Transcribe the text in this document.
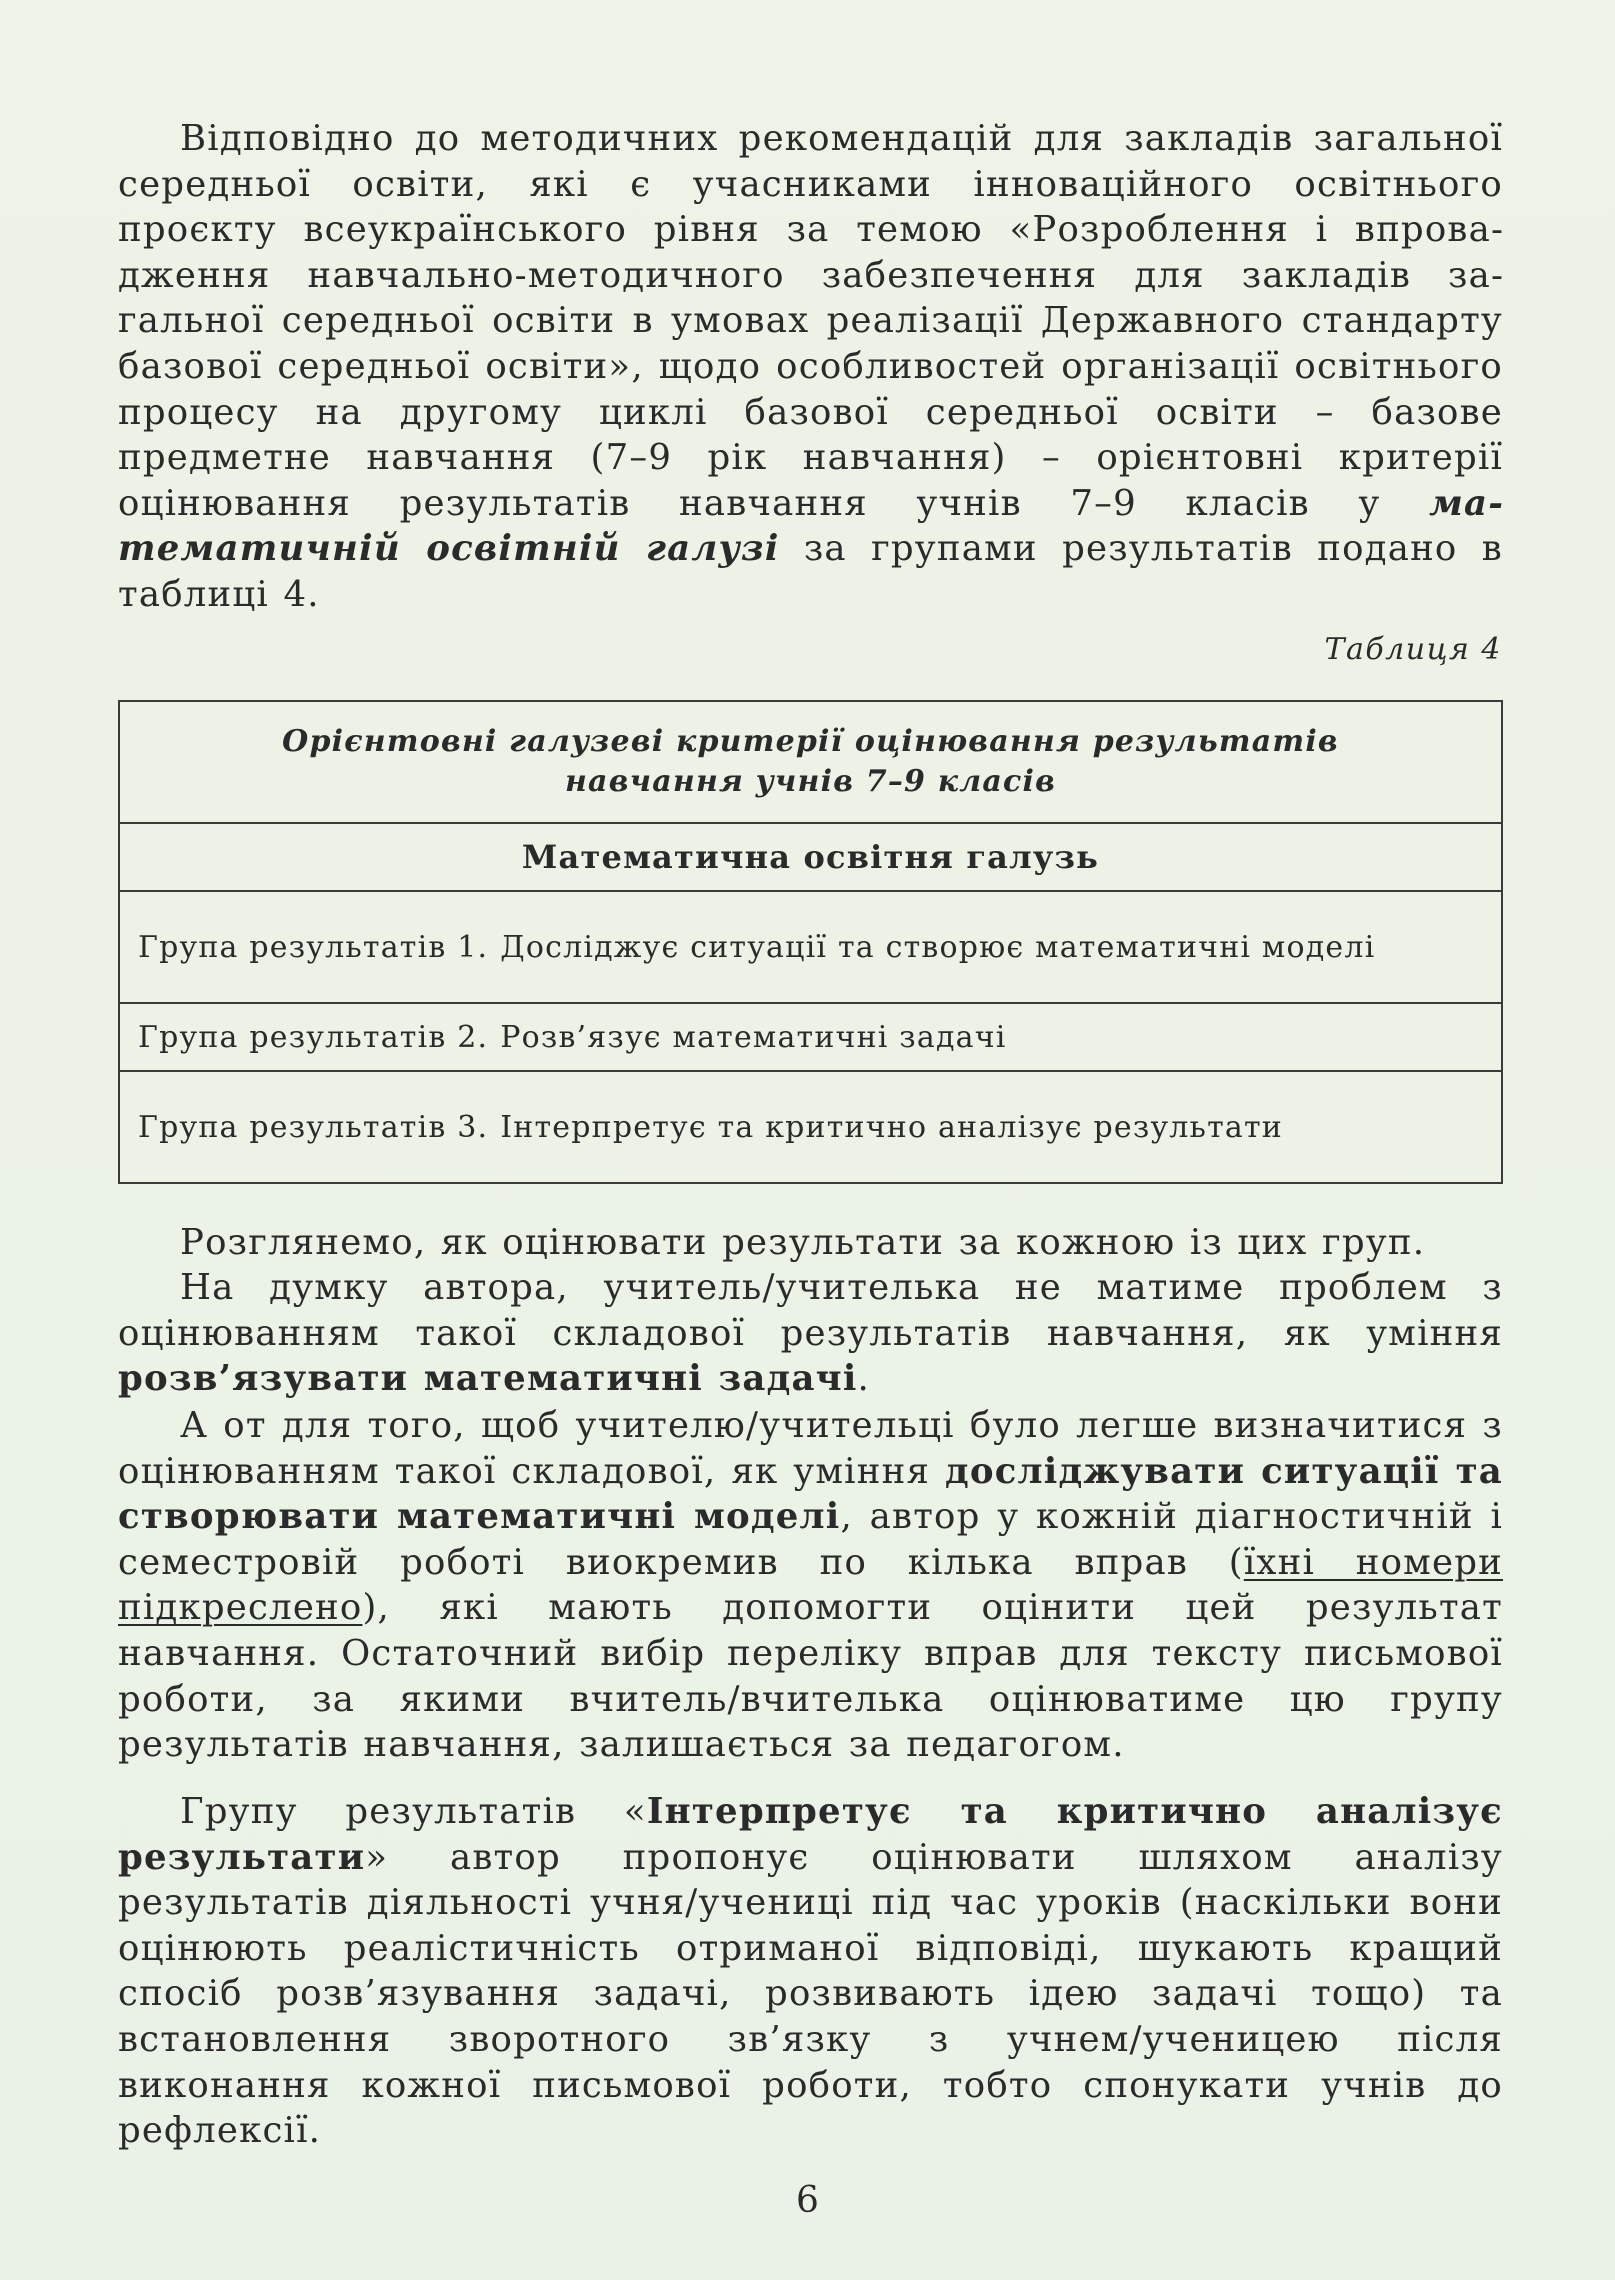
Відповідно до методичних рекомендацій для закладів загальної середньої освіти, які є учасниками інноваційного освітнього проєкту всеукраїнського рівня за темою «Розроблення і впровадження навчально-методичного забезпечення для закладів загальної середньої освіти в умовах реалізації Державного стандарту базової середньої освіти», щодо особливостей організації освітнього процесу на другому циклі базової середньої освіти – базове предметне навчання (7–9 рік навчання) – орієнтовні критерії оцінювання результатів навчання учнів 7–9 класів у математичній освітній галузі за групами результатів подано в таблиці 4.

Таблиця 4
Орієнтовні галузеві критерії оцінювання результатів
навчання учнів 7–9 класів

Математична освітня галузь

Група результатів 1. Досліджує ситуації та створює математичні моделі

Група результатів 2. Розв’язує математичні задачі

Група результатів 3. Інтерпретує та критично аналізує результати

Розглянемо, як оцінювати результати за кожною із цих груп.

На думку автора, учитель/учителька не матиме проблем з оцінюванням такої складової результатів навчання, як уміння розв’язувати математичні задачі.

А от для того, щоб учителю/учительці було легше визначитися з оцінюванням такої складової, як уміння досліджувати ситуації та створювати математичні моделі, автор у кожній діагностичній і семестровій роботі виокремив по кілька вправ (їхні номери підкреслено), які мають допомогти оцінити цей результат навчання. Остаточний вибір переліку вправ для тексту письмової роботи, за якими вчитель/вчителька оцінюватиме цю групу результатів навчання, залишається за педагогом.

Групу результатів «Інтерпретує та критично аналізує результати» автор пропонує оцінювати шляхом аналізу результатів діяльності учня/учениці під час уроків (наскільки вони оцінюють реалістичність отриманої відповіді, шукають кращий спосіб розв’язування задачі, розвивають ідею задачі тощо) та встановлення зворотного зв’язку з учнем/ученицею після виконання кожної письмової роботи, тобто спонукати учнів до рефлексії.

6
